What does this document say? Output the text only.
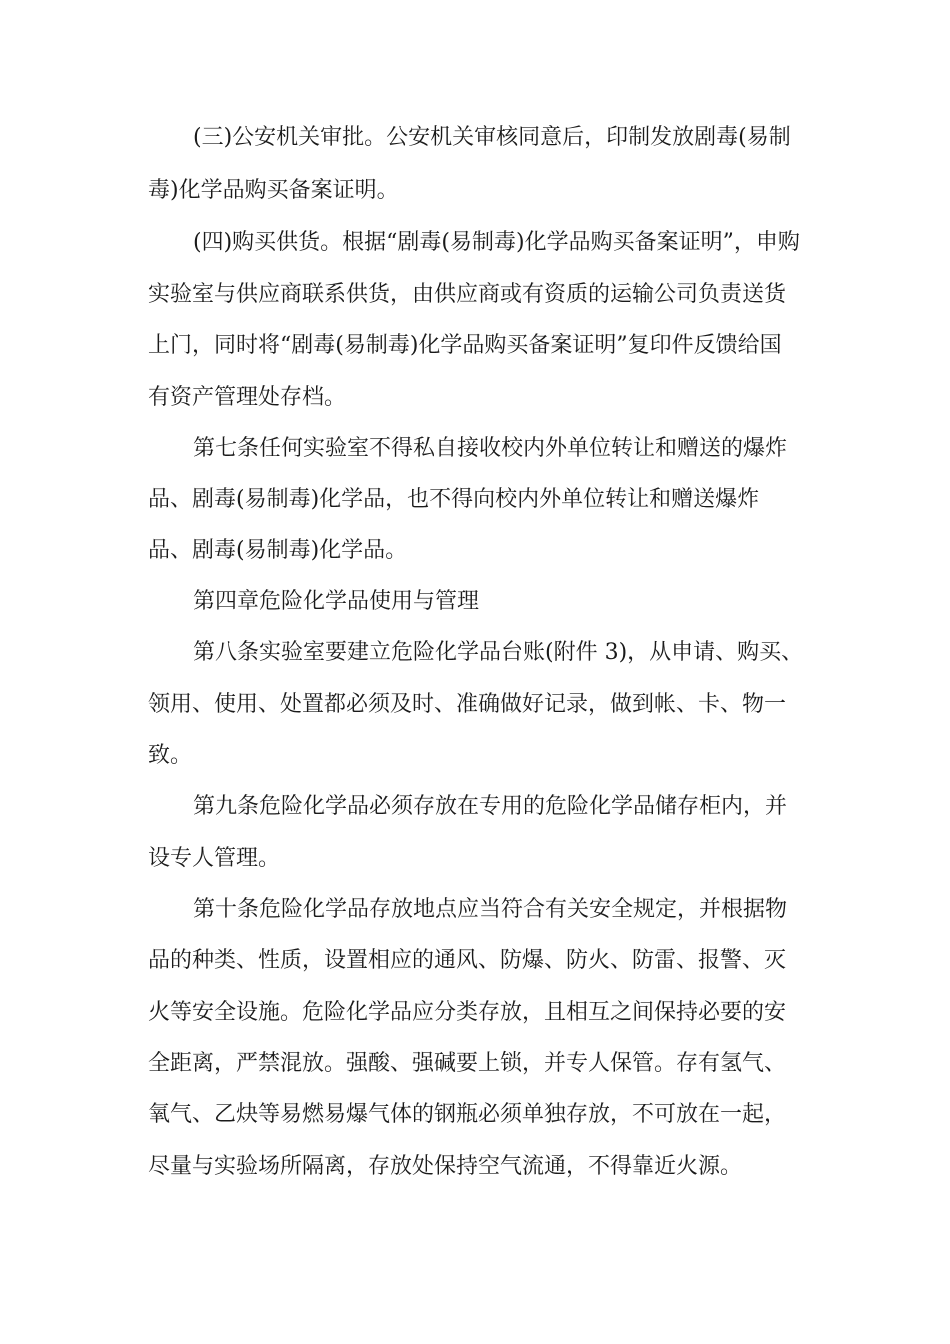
(三)公安机关审批。公安机关审核同意后，印制发放剧毒(易制
毒)化学品购买备案证明。
(四)购买供货。根据“剧毒(易制毒)化学品购买备案证明”，申购
实验室与供应商联系供货，由供应商或有资质的运输公司负责送货
上门，同时将“剧毒(易制毒)化学品购买备案证明”复印件反馈给国
有资产管理处存档。
第七条任何实验室不得私自接收校内外单位转让和赠送的爆炸
品、剧毒(易制毒)化学品，也不得向校内外单位转让和赠送爆炸
品、剧毒(易制毒)化学品。
第四章危险化学品使用与管理
第八条实验室要建立危险化学品台账(附件 3)，从申请、购买、
领用、使用、处置都必须及时、准确做好记录，做到帐、卡、物一
致。
第九条危险化学品必须存放在专用的危险化学品储存柜内，并
设专人管理。
第十条危险化学品存放地点应当符合有关安全规定，并根据物
品的种类、性质，设置相应的通风、防爆、防火、防雷、报警、灭
火等安全设施。危险化学品应分类存放，且相互之间保持必要的安
全距离，严禁混放。强酸、强碱要上锁，并专人保管。存有氢气、
氧气、乙炔等易燃易爆气体的钢瓶必须单独存放，不可放在一起，
尽量与实验场所隔离，存放处保持空气流通，不得靠近火源。
